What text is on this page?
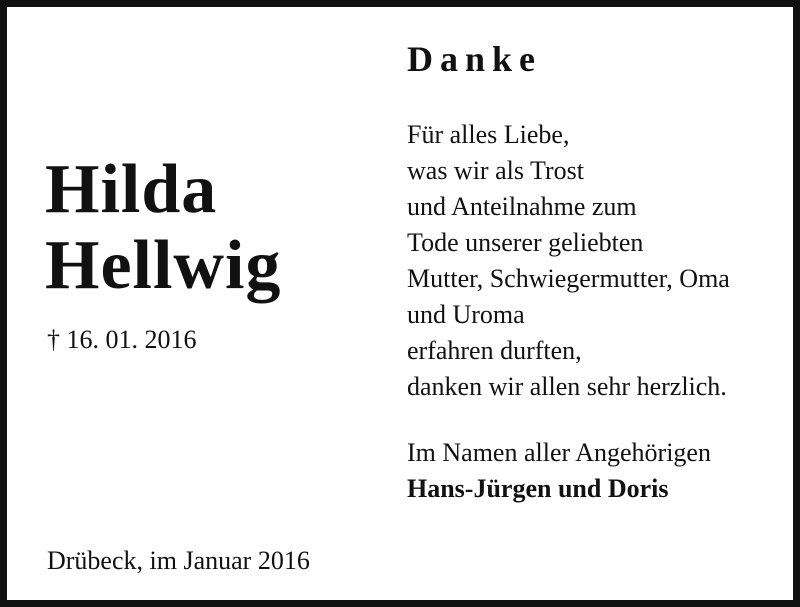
Hilda
Hellwig
† 16. 01. 2016
Danke
Für alles Liebe,
was wir als Trost
und Anteilnahme zum
Tode unserer geliebten
Mutter, Schwiegermutter, Oma
und Uroma
erfahren durften,
danken wir allen sehr herzlich.
Im Namen aller Angehörigen
Hans-Jürgen und Doris
Drübeck, im Januar 2016
